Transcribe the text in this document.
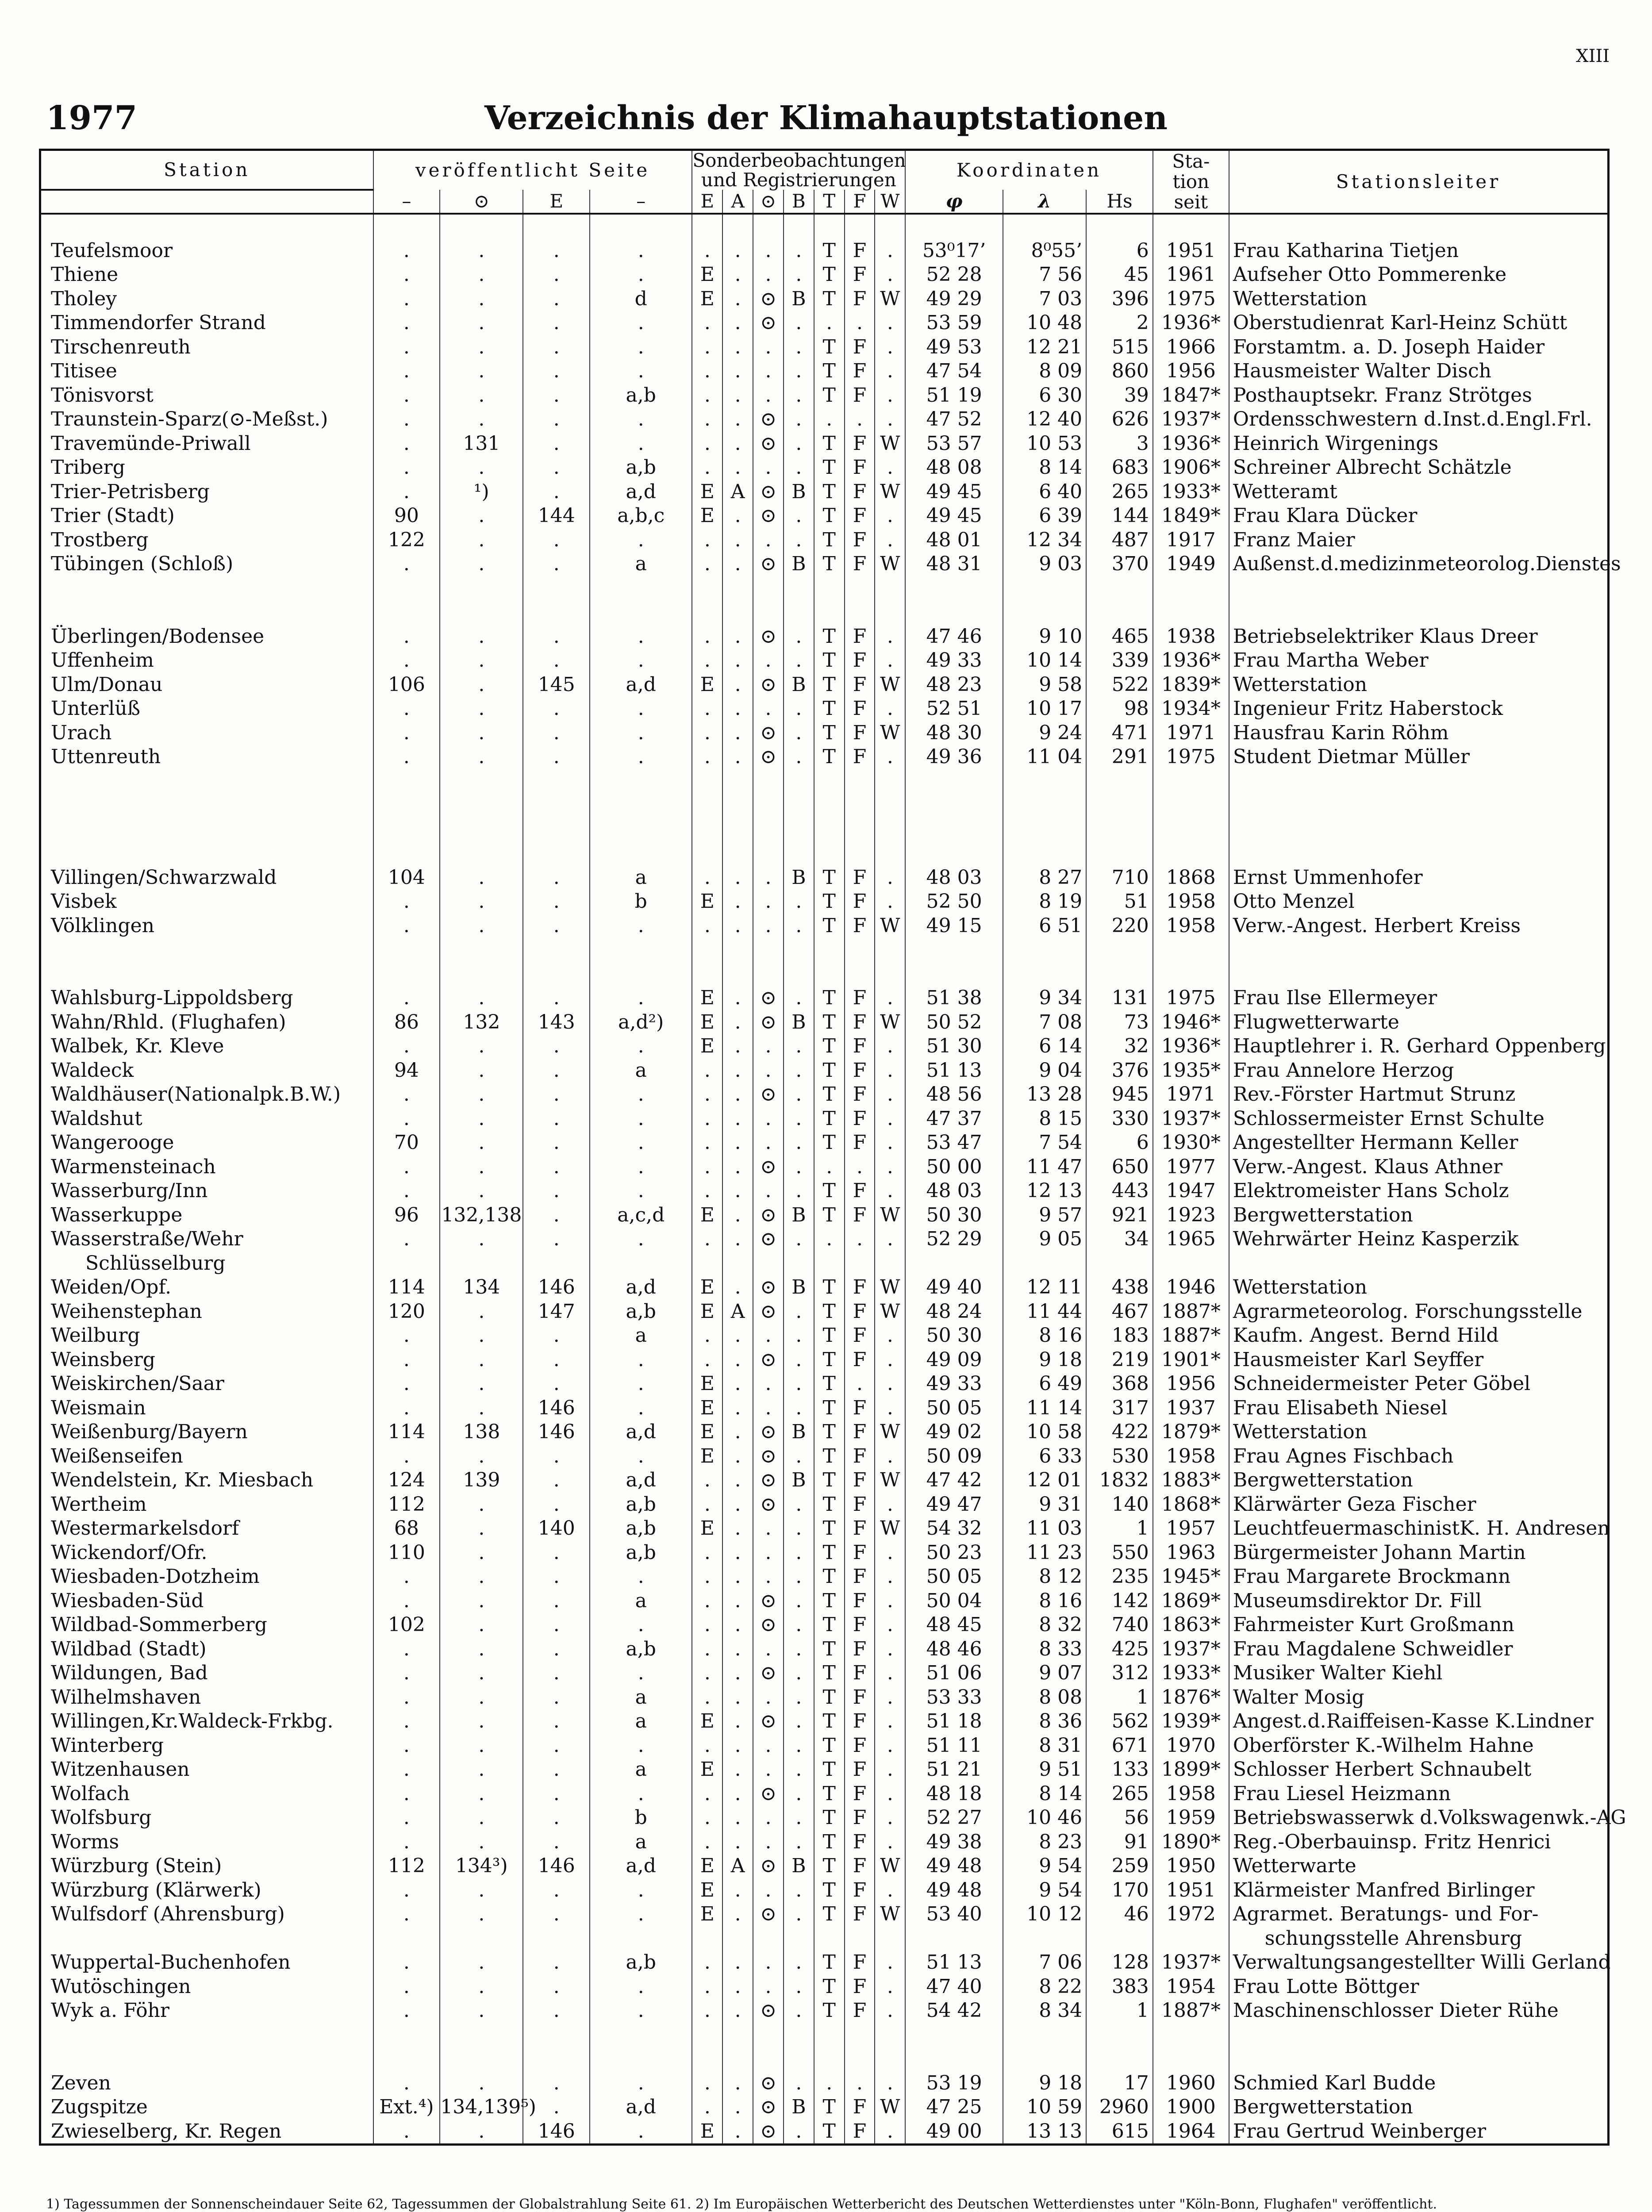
XIII
1977	Verzeichnis der Klimahauptstationen
Station	veröffentlicht Seite				Sonderbeobachtungen
und Registrierungen							Koordinaten			Sta-
tion
seit	Stationsleiter

	–	⊙	E	–	E	A	⊙	B	T	F	W	φ	λ	Hs		

Teufelsmoor	.	.	.	.	.	.	.	.	T	F	.	53⁰17’	8⁰55’	6	1951	Frau Katharina Tietjen
Thiene	.	.	.	.	E	.	.	.	T	F	.	52 28	7 56	45	1961	Aufseher Otto Pommerenke
Tholey	.	.	.	d	E	.	⊙	B	T	F	W	49 29	7 03	396	1975	Wetterstation
Timmendorfer Strand	.	.	.	.	.	.	⊙	.	.	.	.	53 59	10 48	2	1936*	Oberstudienrat Karl-Heinz Schütt
Tirschenreuth	.	.	.	.	.	.	.	.	T	F	.	49 53	12 21	515	1966	Forstamtm. a. D. Joseph Haider
Titisee	.	.	.	.	.	.	.	.	T	F	.	47 54	8 09	860	1956	Hausmeister Walter Disch
Tönisvorst	.	.	.	a,b	.	.	.	.	T	F	.	51 19	6 30	39	1847*	Posthauptsekr. Franz Strötges
Traunstein-Sparz(⊙-Meßst.)	.	.	.	.	.	.	⊙	.	.	.	.	47 52	12 40	626	1937*	Ordensschwestern d.Inst.d.Engl.Frl.
Travemünde-Priwall	.	131	.	.	.	.	⊙	.	T	F	W	53 57	10 53	3	1936*	Heinrich Wirgenings
Triberg	.	.	.	a,b	.	.	.	.	T	F	.	48 08	8 14	683	1906*	Schreiner Albrecht Schätzle
Trier-Petrisberg	.	¹)	.	a,d	E	A	⊙	B	T	F	W	49 45	6 40	265	1933*	Wetteramt
Trier (Stadt)	90	.	144	a,b,c	E	.	⊙	.	T	F	.	49 45	6 39	144	1849*	Frau Klara Dücker
Trostberg	122	.	.	.	.	.	.	.	T	F	.	48 01	12 34	487	1917	Franz Maier
Tübingen (Schloß)	.	.	.	a	.	.	⊙	B	T	F	W	48 31	9 03	370	1949	Außenst.d.medizinmeteorolog.Dienstes

Überlingen/Bodensee	.	.	.	.	.	.	⊙	.	T	F	.	47 46	9 10	465	1938	Betriebselektriker Klaus Dreer
Uffenheim	.	.	.	.	.	.	.	.	T	F	.	49 33	10 14	339	1936*	Frau Martha Weber
Ulm/Donau	106	.	145	a,d	E	.	⊙	B	T	F	W	48 23	9 58	522	1839*	Wetterstation
Unterlüß	.	.	.	.	.	.	.	.	T	F	.	52 51	10 17	98	1934*	Ingenieur Fritz Haberstock
Urach	.	.	.	.	.	.	⊙	.	T	F	W	48 30	9 24	471	1971	Hausfrau Karin Röhm
Uttenreuth	.	.	.	.	.	.	⊙	.	T	F	.	49 36	11 04	291	1975	Student Dietmar Müller

Villingen/Schwarzwald	104	.	.	a	.	.	.	B	T	F	.	48 03	8 27	710	1868	Ernst Ummenhofer
Visbek	.	.	.	b	E	.	.	.	T	F	.	52 50	8 19	51	1958	Otto Menzel
Völklingen	.	.	.	.	.	.	.	.	T	F	W	49 15	6 51	220	1958	Verw.-Angest. Herbert Kreiss

Wahlsburg-Lippoldsberg	.	.	.	.	E	.	⊙	.	T	F	.	51 38	9 34	131	1975	Frau Ilse Ellermeyer
Wahn/Rhld. (Flughafen)	86	132	143	a,d²)	E	.	⊙	B	T	F	W	50 52	7 08	73	1946*	Flugwetterwarte
Walbek, Kr. Kleve	.	.	.	.	E	.	.	.	T	F	.	51 30	6 14	32	1936*	Hauptlehrer i. R. Gerhard Oppenberg
Waldeck	94	.	.	a	.	.	.	.	T	F	.	51 13	9 04	376	1935*	Frau Annelore Herzog
Waldhäuser(Nationalpk.B.W.)	.	.	.	.	.	.	⊙	.	T	F	.	48 56	13 28	945	1971	Rev.-Förster Hartmut Strunz
Waldshut	.	.	.	.	.	.	.	.	T	F	.	47 37	8 15	330	1937*	Schlossermeister Ernst Schulte
Wangerooge	70	.	.	.	.	.	.	.	T	F	.	53 47	7 54	6	1930*	Angestellter Hermann Keller
Warmensteinach	.	.	.	.	.	.	⊙	.	.	.	.	50 00	11 47	650	1977	Verw.-Angest. Klaus Athner
Wasserburg/Inn	.	.	.	.	.	.	.	.	T	F	.	48 03	12 13	443	1947	Elektromeister Hans Scholz
Wasserkuppe	96	132,138	.	a,c,d	E	.	⊙	B	T	F	W	50 30	9 57	921	1923	Bergwetterstation
Wasserstraße/Wehr	.	.	.	.	.	.	⊙	.	.	.	.	52 29	9 05	34	1965	Wehrwärter Heinz Kasperzik
Schlüsselburg																
Weiden/Opf.	114	134	146	a,d	E	.	⊙	B	T	F	W	49 40	12 11	438	1946	Wetterstation
Weihenstephan	120	.	147	a,b	E	A	⊙	.	T	F	W	48 24	11 44	467	1887*	Agrarmeteorolog. Forschungsstelle
Weilburg	.	.	.	a	.	.	.	.	T	F	.	50 30	8 16	183	1887*	Kaufm. Angest. Bernd Hild
Weinsberg	.	.	.	.	.	.	⊙	.	T	F	.	49 09	9 18	219	1901*	Hausmeister Karl Seyffer
Weiskirchen/Saar	.	.	.	.	E	.	.	.	T	.	.	49 33	6 49	368	1956	Schneidermeister Peter Göbel
Weismain	.	.	146	.	E	.	.	.	T	F	.	50 05	11 14	317	1937	Frau Elisabeth Niesel
Weißenburg/Bayern	114	138	146	a,d	E	.	⊙	B	T	F	W	49 02	10 58	422	1879*	Wetterstation
Weißenseifen	.	.	.	.	E	.	⊙	.	T	F	.	50 09	6 33	530	1958	Frau Agnes Fischbach
Wendelstein, Kr. Miesbach	124	139	.	a,d	.	.	⊙	B	T	F	W	47 42	12 01	1832	1883*	Bergwetterstation
Wertheim	112	.	.	a,b	.	.	⊙	.	T	F	.	49 47	9 31	140	1868*	Klärwärter Geza Fischer
Westermarkelsdorf	68	.	140	a,b	E	.	.	.	T	F	W	54 32	11 03	1	1957	LeuchtfeuermaschinistK. H. Andresen
Wickendorf/Ofr.	110	.	.	a,b	.	.	.	.	T	F	.	50 23	11 23	550	1963	Bürgermeister Johann Martin
Wiesbaden-Dotzheim	.	.	.	.	.	.	.	.	T	F	.	50 05	8 12	235	1945*	Frau Margarete Brockmann
Wiesbaden-Süd	.	.	.	a	.	.	⊙	.	T	F	.	50 04	8 16	142	1869*	Museumsdirektor Dr. Fill
Wildbad-Sommerberg	102	.	.	.	.	.	⊙	.	T	F	.	48 45	8 32	740	1863*	Fahrmeister Kurt Großmann
Wildbad (Stadt)	.	.	.	a,b	.	.	.	.	T	F	.	48 46	8 33	425	1937*	Frau Magdalene Schweidler
Wildungen, Bad	.	.	.	.	.	.	⊙	.	T	F	.	51 06	9 07	312	1933*	Musiker Walter Kiehl
Wilhelmshaven	.	.	.	a	.	.	.	.	T	F	.	53 33	8 08	1	1876*	Walter Mosig
Willingen,Kr.Waldeck-Frkbg.	.	.	.	a	E	.	⊙	.	T	F	.	51 18	8 36	562	1939*	Angest.d.Raiffeisen-Kasse K.Lindner
Winterberg	.	.	.	.	.	.	.	.	T	F	.	51 11	8 31	671	1970	Oberförster K.-Wilhelm Hahne
Witzenhausen	.	.	.	a	E	.	.	.	T	F	.	51 21	9 51	133	1899*	Schlosser Herbert Schnaubelt
Wolfach	.	.	.	.	.	.	⊙	.	T	F	.	48 18	8 14	265	1958	Frau Liesel Heizmann
Wolfsburg	.	.	.	b	.	.	.	.	T	F	.	52 27	10 46	56	1959	Betriebswasserwk d.Volkswagenwk.-AG
Worms	.	.	.	a	.	.	.	.	T	F	.	49 38	8 23	91	1890*	Reg.-Oberbauinsp. Fritz Henrici
Würzburg (Stein)	112	134³)	146	a,d	E	A	⊙	B	T	F	W	49 48	9 54	259	1950	Wetterwarte
Würzburg (Klärwerk)	.	.	.	.	E	.	.	.	T	F	.	49 48	9 54	170	1951	Klärmeister Manfred Birlinger
Wulfsdorf (Ahrensburg)	.	.	.	.	E	.	⊙	.	T	F	W	53 40	10 12	46	1972	Agrarmet. Beratungs- und For-
																schungsstelle Ahrensburg
Wuppertal-Buchenhofen	.	.	.	a,b	.	.	.	.	T	F	.	51 13	7 06	128	1937*	Verwaltungsangestellter Willi Gerland
Wutöschingen	.	.	.	.	.	.	.	.	T	F	.	47 40	8 22	383	1954	Frau Lotte Böttger
Wyk a. Föhr	.	.	.	.	.	.	⊙	.	T	F	.	54 42	8 34	1	1887*	Maschinenschlosser Dieter Rühe

Zeven	.	.	.	.	.	.	⊙	.	.	.	.	53 19	9 18	17	1960	Schmied Karl Budde
Zugspitze	Ext.⁴)	134,139⁵)	.	a,d	.	.	⊙	B	T	F	W	47 25	10 59	2960	1900	Bergwetterstation
Zwieselberg, Kr. Regen	.	.	146	.	E	.	⊙	.	T	F	.	49 00	13 13	615	1964	Frau Gertrud Weinberger
1) Tagessummen der Sonnenscheindauer Seite 62, Tagessummen der Globalstrahlung Seite 61. 2) Im Europäischen Wetterbericht des Deutschen Wetterdienstes unter "Köln-Bonn, Flughafen" veröffentlicht.
